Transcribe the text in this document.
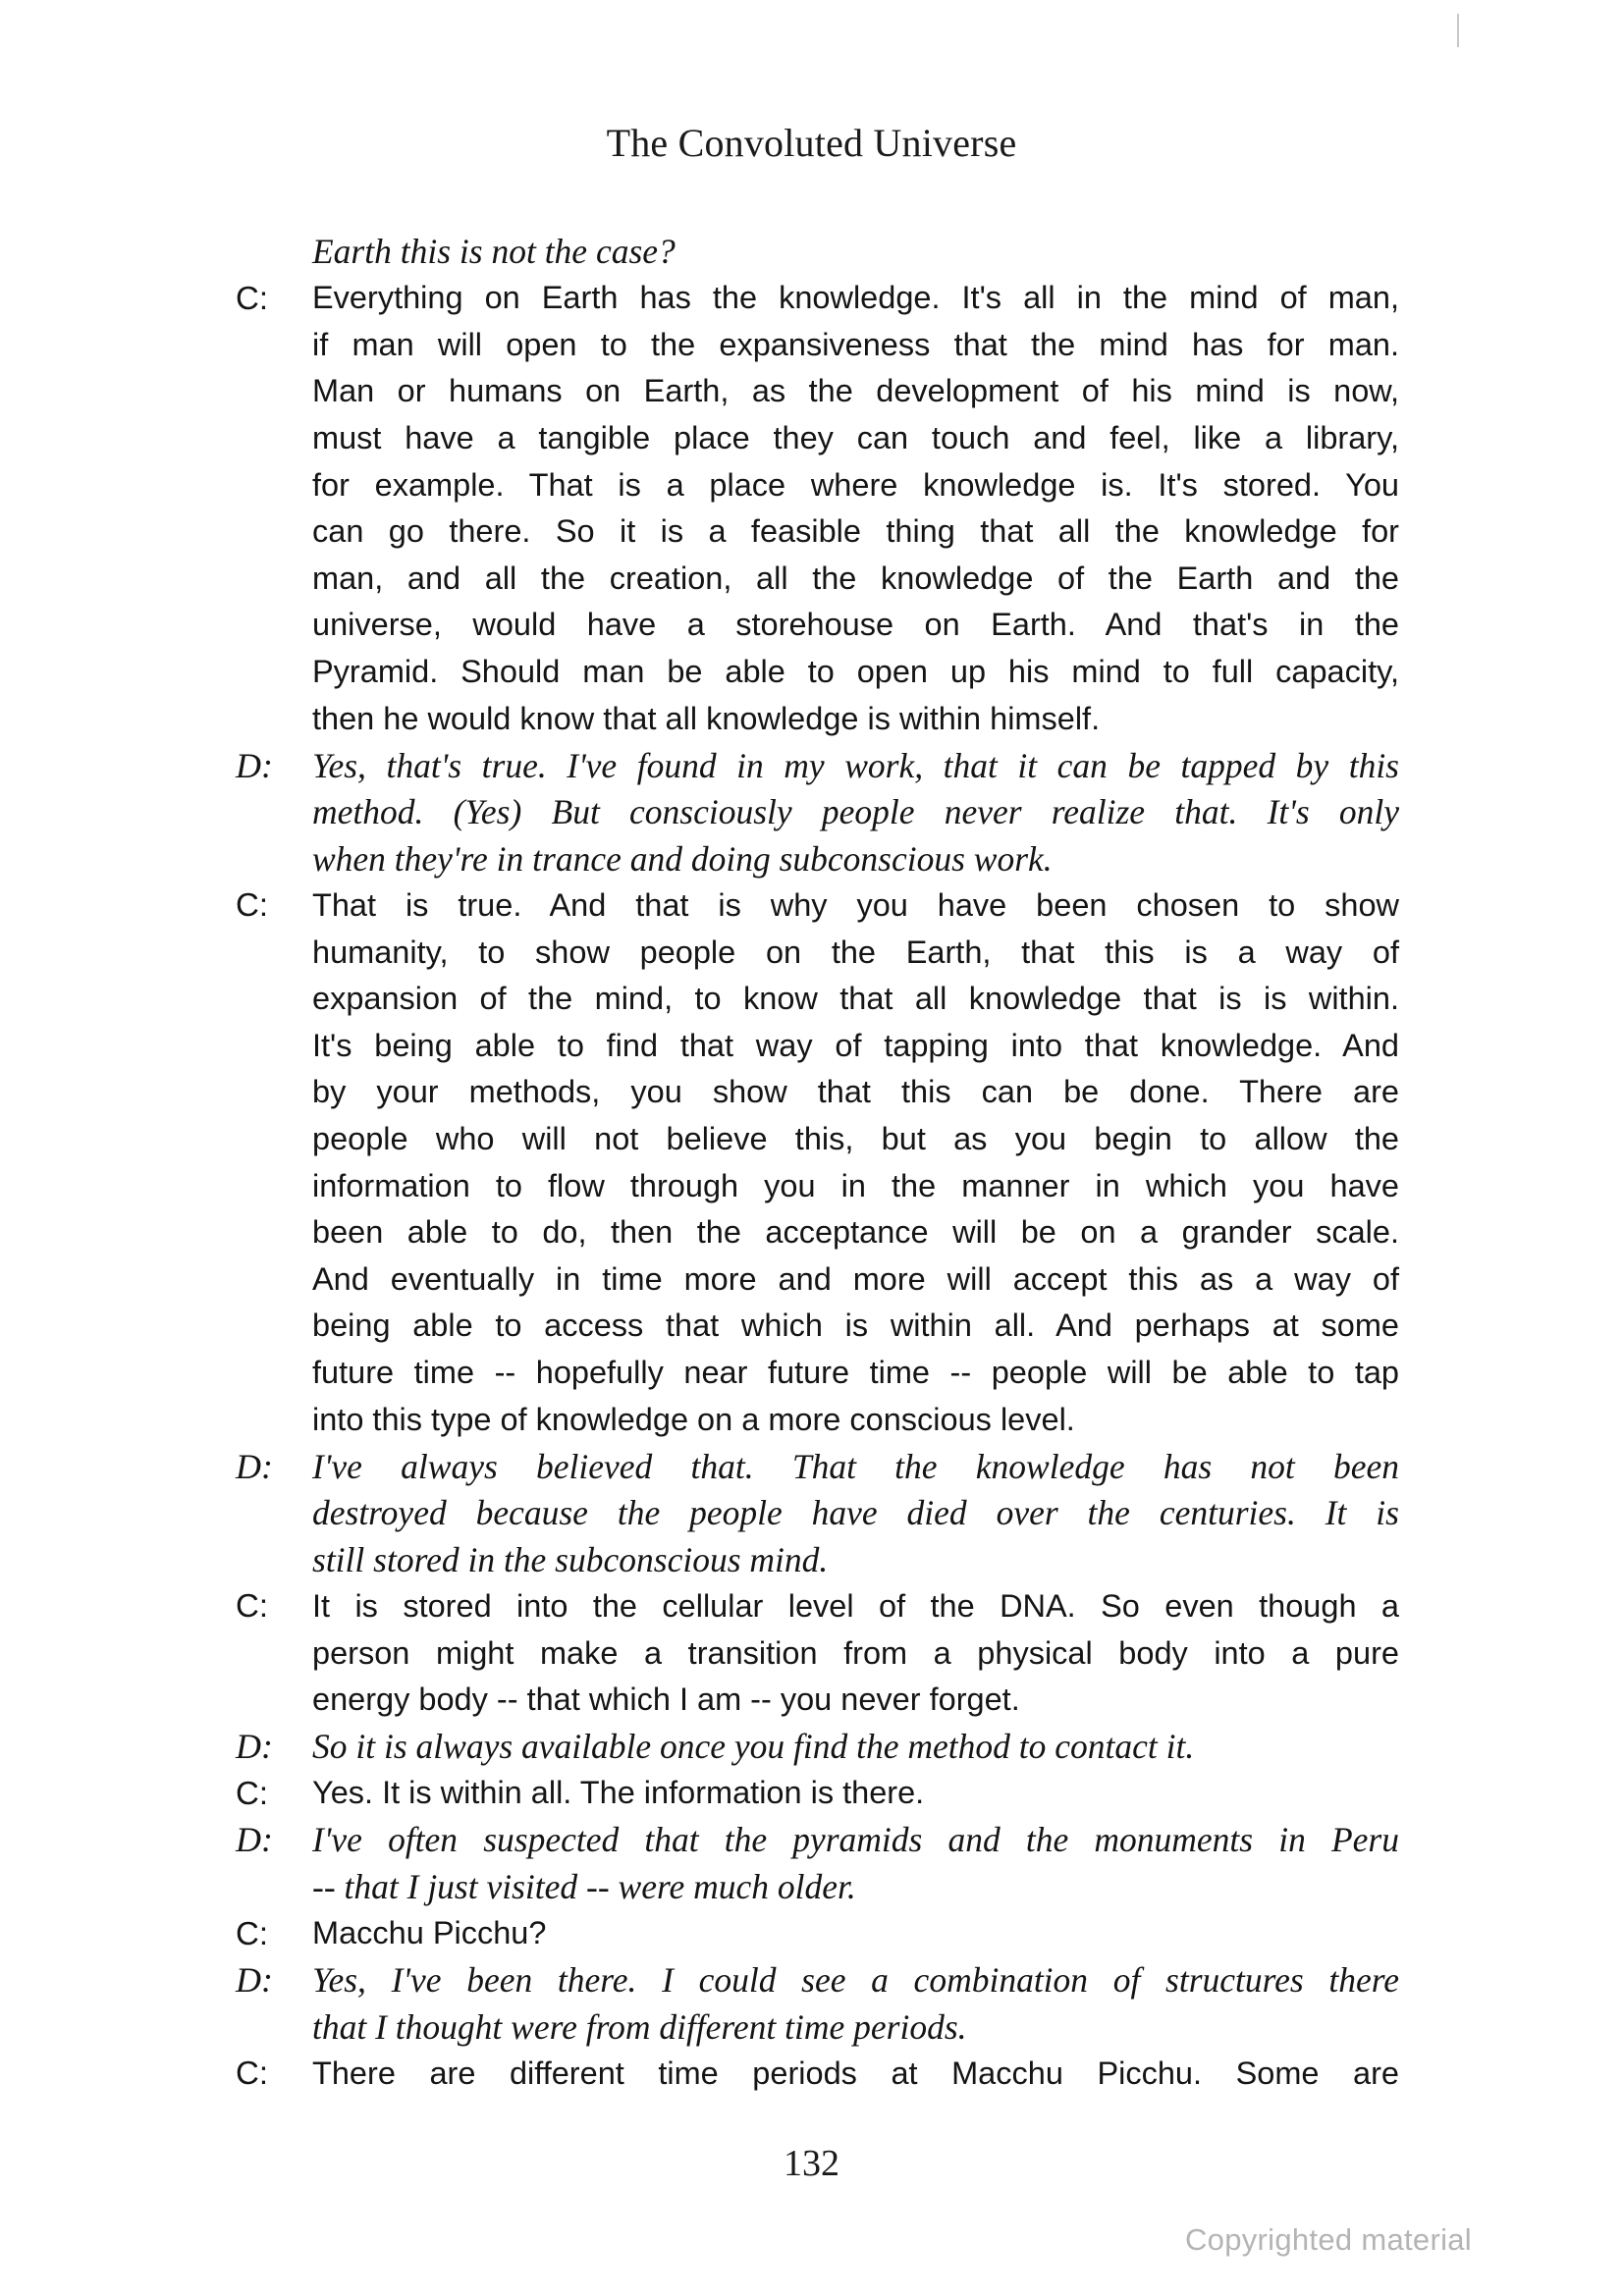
The Convoluted Universe
Earth this is not the case?
C:	Everything on Earth has the knowledge. It's all in the mind of man,
if man will open to the expansiveness that the mind has for man.
Man or humans on Earth, as the development of his mind is now,
must have a tangible place they can touch and feel, like a library,
for example. That is a place where knowledge is. It's stored. You
can go there. So it is a feasible thing that all the knowledge for
man, and all the creation, all the knowledge of the Earth and the
universe, would have a storehouse on Earth. And that's in the
Pyramid. Should man be able to open up his mind to full capacity,
then he would know that all knowledge is within himself.
D:	Yes, that's true. I've found in my work, that it can be tapped by this
method. (Yes) But consciously people never realize that. It's only
when they're in trance and doing subconscious work.
C:	That is true. And that is why you have been chosen to show
humanity, to show people on the Earth, that this is a way of
expansion of the mind, to know that all knowledge that is is within.
It's being able to find that way of tapping into that knowledge. And
by your methods, you show that this can be done. There are
people who will not believe this, but as you begin to allow the
information to flow through you in the manner in which you have
been able to do, then the acceptance will be on a grander scale.
And eventually in time more and more will accept this as a way of
being able to access that which is within all. And perhaps at some
future time -- hopefully near future time -- people will be able to tap
into this type of knowledge on a more conscious level.
D:	I've always believed that. That the knowledge has not been
destroyed because the people have died over the centuries. It is
still stored in the subconscious mind.
C:	It is stored into the cellular level of the DNA. So even though a
person might make a transition from a physical body into a pure
energy body -- that which I am -- you never forget.
D:	So it is always available once you find the method to contact it.
C:	Yes. It is within all. The information is there.
D:	I've often suspected that the pyramids and the monuments in Peru
-- that I just visited -- were much older.
C:	Macchu Picchu?
D:	Yes, I've been there. I could see a combination of structures there
that I thought were from different time periods.
C:	There are different time periods at Macchu Picchu. Some are
132
Copyrighted material
